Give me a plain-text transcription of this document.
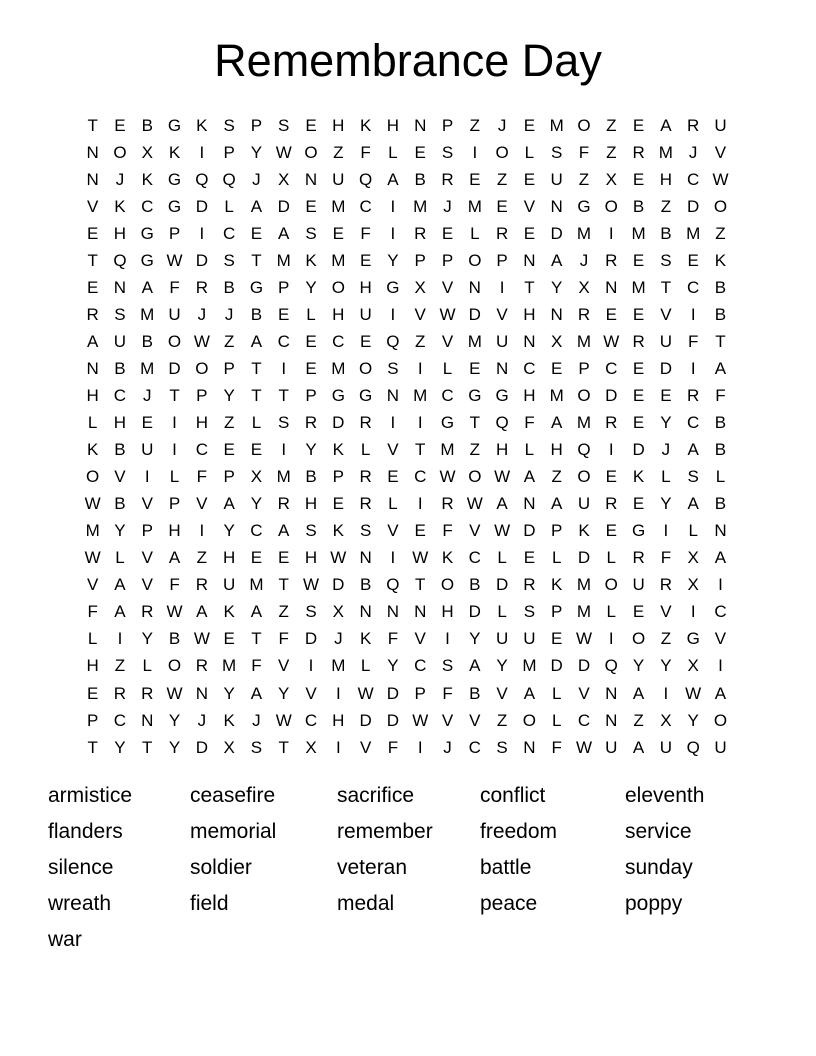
Remembrance Day
T E B G K S P S E H K H N P Z	J	E M O Z E A R U
N O X K	I	P Y W O Z F	L E S	I	O L S F Z R M J	V
N J	K G Q Q J	X N U Q A B R E Z E U Z X E H C W
V K C G D L A D E M C	I	M J M E V N G O B Z D O
E H G P	I	C E A S E F	I	R E L R E D M	I	M B M Z
T Q G W D S T M K M E Y P P O P N A	J R E S E K
E N A F R B G P Y O H G X V N	I	T Y X N M T C B
R S M U J	J	B E L H U	I	V W D V H N R E E V	I	B
A U B O W Z A C E C E Q Z V M U N X M W R U F T
N B M D O P T	I	E M O S	I	L E N C E P C E D	I	A
H C J	T P Y T T P G G N M C G G H M O D E E R F
L H E	I	H Z	L S R D R	I	I	G T Q F A M R E Y C B
K B U	I	C E E	I	Y K L V T M Z H L H Q	I	D J	A B
O V	I	L	F P X M B P R E C W O W A Z O E K L S L
W B V P V A Y R H E R L	I	R W A N A U R E Y A B
M Y P H	I	Y C A S K S V E F V W D P K E G	I	L N
W L V A Z H E E H W N	I W K C L E L D L R F X A
V A V F R U M T W D B Q T O B D R K M O U R X	I
F A R W A K A Z S X N N N H D L S P M L E V	I	C
L	I	Y B W E T F D J	K F V	I	Y U U E W I	O Z G V
H Z	L O R M F V	I	M L Y C S A Y M D D Q Y Y X	I
E R R W N Y A Y V	I W D P F B V A L V N A	I W A
P C N Y	J	K	J W C H D D W V V Z O L C N Z X Y O
T Y T Y D X S T X	I	V F	I	J C S N F W U A U Q U
armistice	ceasefire	sacrifice	conflict	eleventh
flanders	memorial	remember	freedom	service
silence	soldier	veteran	battle	sunday
wreath	field	medal	peace	poppy
war
